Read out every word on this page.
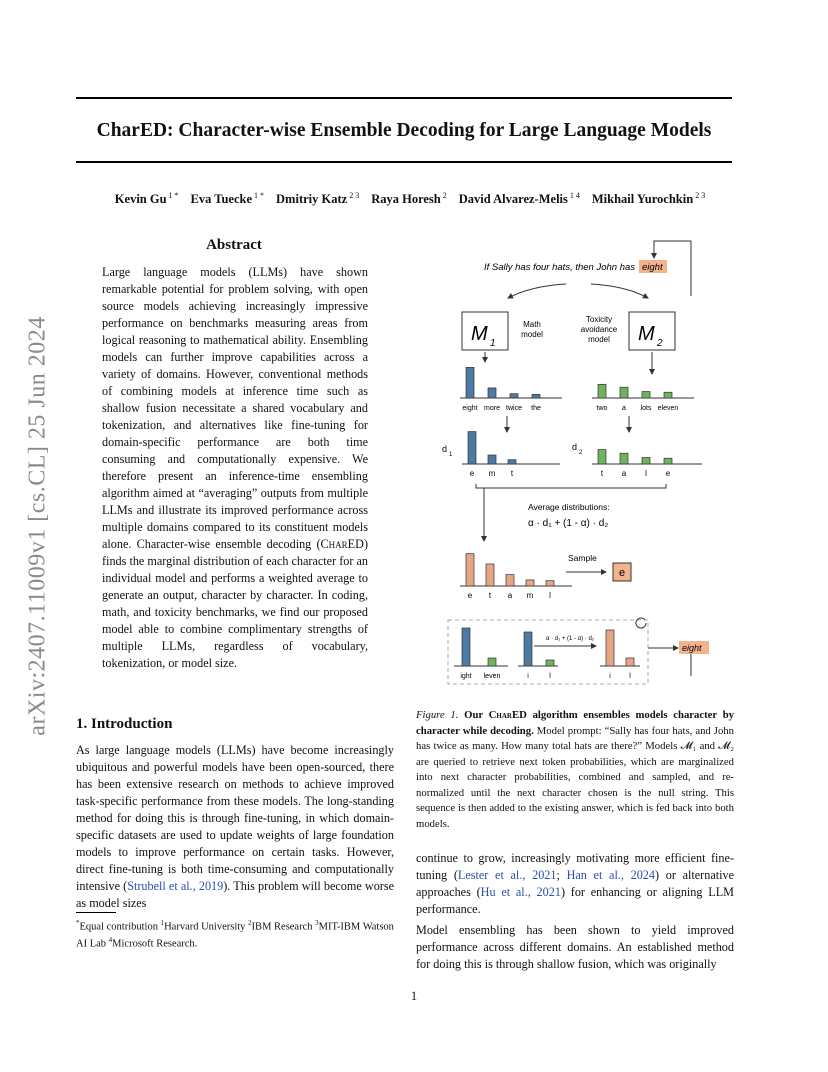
CharED: Character-wise Ensemble Decoding for Large Language Models
Kevin Gu $^{1 *}$ Eva Tuecke $^{1 *}$ Dmitriy Katz $^{2 3}$ Raya Horesh $^2$ David Alvarez-Melis $^{1 4}$ Mikhail Yurochkin $^{2 3}$
arXiv:2407.11009v1 [cs.CL] 25 Jun 2024
Abstract
Large language models (LLMs) have shown remarkable potential for problem solving, with open source models achieving increasingly impressive performance on benchmarks measuring areas from logical reasoning to mathematical ability. Ensembling models can further improve capabilities across a variety of domains. However, conventional methods of combining models at inference time such as shallow fusion necessitate a shared vocabulary and tokenization, and alternatives like fine-tuning for domain-specific performance are both time consuming and computationally expensive. We therefore present an inference-time ensembling algorithm aimed at “averaging” outputs from multiple LLMs and illustrate its improved performance across multiple domains compared to its constituent models alone. Character-wise ensemble decoding (CharED) finds the marginal distribution of each character for an individual model and performs a weighted average to generate an output, character by character. In coding, math, and toxicity benchmarks, we find our proposed model able to combine complimentary strengths of multiple LLMs, regardless of vocabulary, tokenization, or model size.
1. Introduction
As large language models (LLMs) have become increasingly ubiquitous and powerful models have been open-sourced, there has been extensive research on methods to achieve improved task-specific performance from these models. The long-standing method for doing this is through fine-tuning, in which domain-specific datasets are used to update weights of large foundation models to improve performance on certain tasks. However, direct fine-tuning is both time-consuming and computationally intensive (Strubell et al., 2019). This problem will become worse as model sizes
*Equal contribution $^1$Harvard University $^2$IBM Research $^3$MIT-IBM Watson AI Lab $^4$Microsoft Research.
If Sally has four hats, then John has eight
M 1
Math
model	M 2
Toxicity
avoidance
model
eight more twice the	two a lots eleven
d
1
d
2
e m t	t a l e
Average distributions:
α · d₁ + (1 - α) · d₂
e t a m l
Sample
e
ight leven	i	l	i	l
α · d₁ + (1 - α) · d₂
eight
Figure 1. Our CharED algorithm ensembles models character by character while decoding. Model prompt: “Sally has four hats, and John has twice as many. How many total hats are there?” Models 𝓜₁ and 𝓜₂ are queried to retrieve next token probabilities, which are marginalized into next character probabilities, combined and sampled, and re-normalized until the next character chosen is the null string. This sequence is then added to the existing answer, which is fed back into both models.
continue to grow, increasingly motivating more efficient fine-tuning (Lester et al., 2021; Han et al., 2024) or alternative approaches (Hu et al., 2021) for enhancing or aligning LLM performance.
Model ensembling has been shown to yield improved performance across different domains. An established method for doing this is through shallow fusion, which was originally
1
